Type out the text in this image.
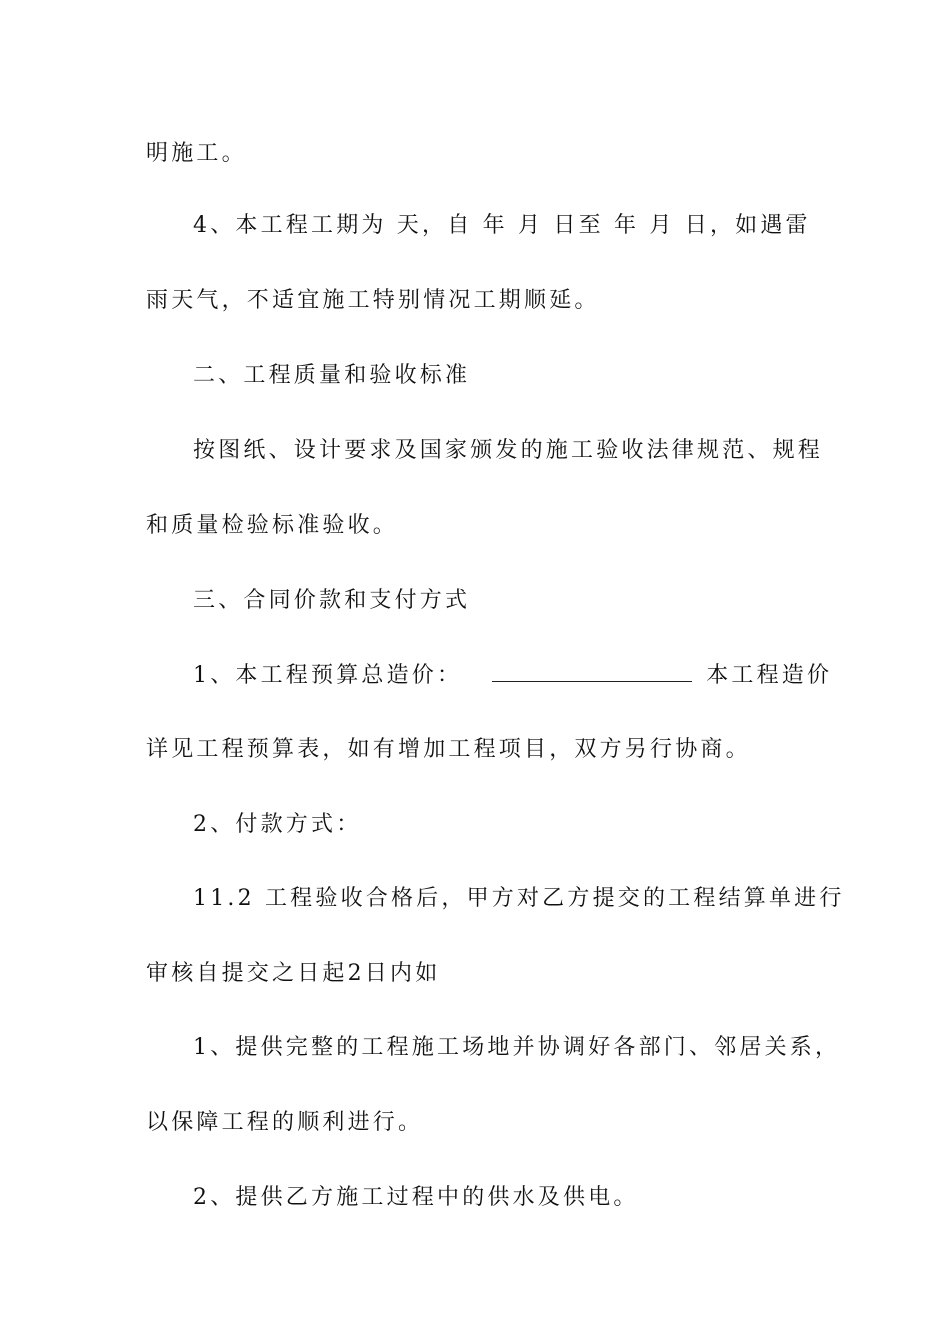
明施工。
4、本工程工期为 天，自 年 月 日至 年 月 日，如遇雷
雨天气，不适宜施工特别情况工期顺延。
二、工程质量和验收标准
按图纸、设计要求及国家颁发的施工验收法律规范、规程
和质量检验标准验收。
三、合同价款和支付方式
1、本工程预算总造价：	本工程造价
详见工程预算表，如有增加工程项目，双方另行协商。
2、付款方式：
11.2 工程验收合格后，甲方对乙方提交的工程结算单进行
审核自提交之日起2日内如
1、提供完整的工程施工场地并协调好各部门、邻居关系，
以保障工程的顺利进行。
2、提供乙方施工过程中的供水及供电。
